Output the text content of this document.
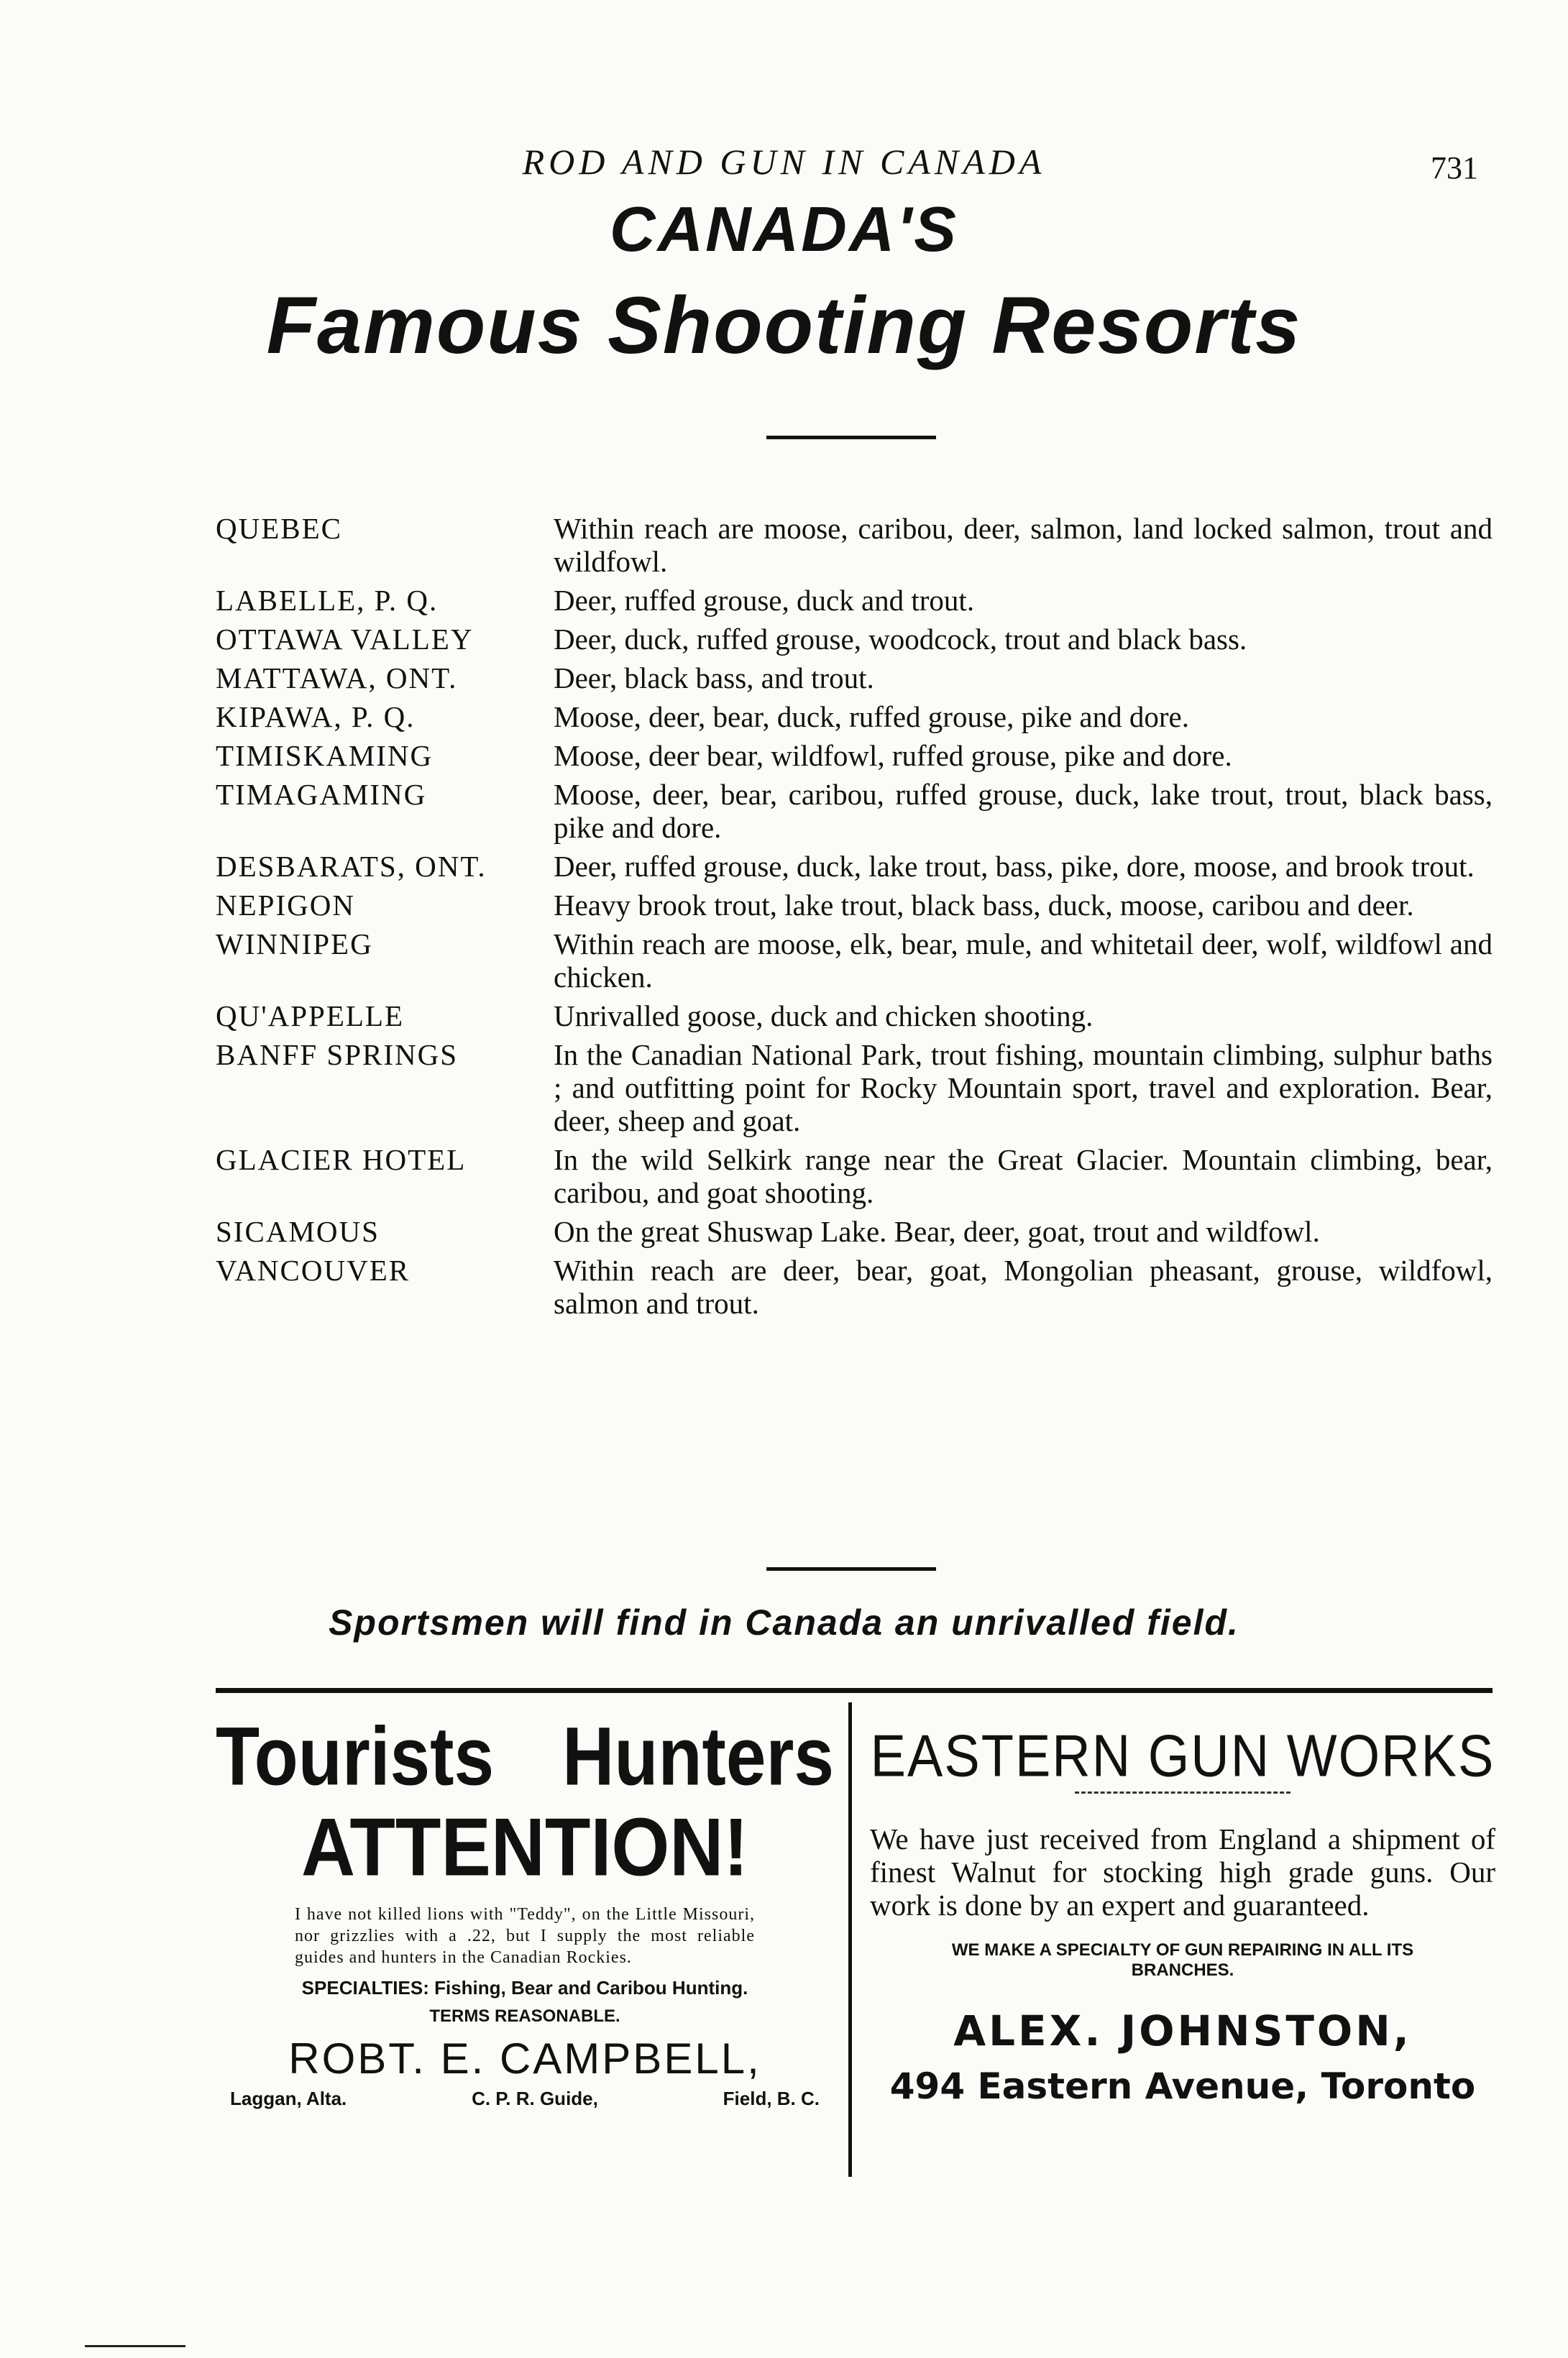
ROD AND GUN IN CANADA	731
CANADA'S
Famous Shooting Resorts
QUEBEC	Within reach are moose, caribou, deer, salmon, land locked salmon, trout and wildfowl.
LABELLE, P. Q.	Deer, ruffed grouse, duck and trout.
OTTAWA VALLEY	Deer, duck, ruffed grouse, woodcock, trout and black bass.
MATTAWA, ONT.	Deer, black bass, and trout.
KIPAWA, P. Q.	Moose, deer, bear, duck, ruffed grouse, pike and dore.
TIMISKAMING	Moose, deer bear, wildfowl, ruffed grouse, pike and dore.
TIMAGAMING	Moose, deer, bear, caribou, ruffed grouse, duck, lake trout, trout, black bass, pike and dore.
DESBARATS, ONT.	Deer, ruffed grouse, duck, lake trout, bass, pike, dore, moose, and brook trout.
NEPIGON	Heavy brook trout, lake trout, black bass, duck, moose, caribou and deer.
WINNIPEG	Within reach are moose, elk, bear, mule, and whitetail deer, wolf, wildfowl and chicken.
QU'APPELLE	Unrivalled goose, duck and chicken shooting.
BANFF SPRINGS	In the Canadian National Park, trout fishing, mountain climbing, sulphur baths ; and outfitting point for Rocky Mountain sport, travel and exploration. Bear, deer, sheep and goat.
GLACIER HOTEL	In the wild Selkirk range near the Great Glacier. Mountain climbing, bear, caribou, and goat shooting.
SICAMOUS	On the great Shuswap Lake. Bear, deer, goat, trout and wildfowl.
VANCOUVER	Within reach are deer, bear, goat, Mongolian pheasant, grouse, wildfowl, salmon and trout.
Sportsmen will find in Canada an unrivalled field.
Tourists Hunters
ATTENTION!
I have not killed lions with "Teddy", on the Little Missouri, nor grizzlies with a .22, but I supply the most reliable guides and hunters in the Canadian Rockies.
SPECIALTIES: Fishing, Bear and Caribou Hunting.
TERMS REASONABLE.
ROBT. E. CAMPBELL,
Laggan, Alta.	C. P. R. Guide,	Field, B. C.
EASTERN GUN WORKS
We have just received from England a shipment of finest Walnut for stocking high grade guns. Our work is done by an expert and guaranteed.
WE MAKE A SPECIALTY OF GUN REPAIRING IN ALL ITS BRANCHES.
ALEX. JOHNSTON,
494 Eastern Avenue, Toronto
